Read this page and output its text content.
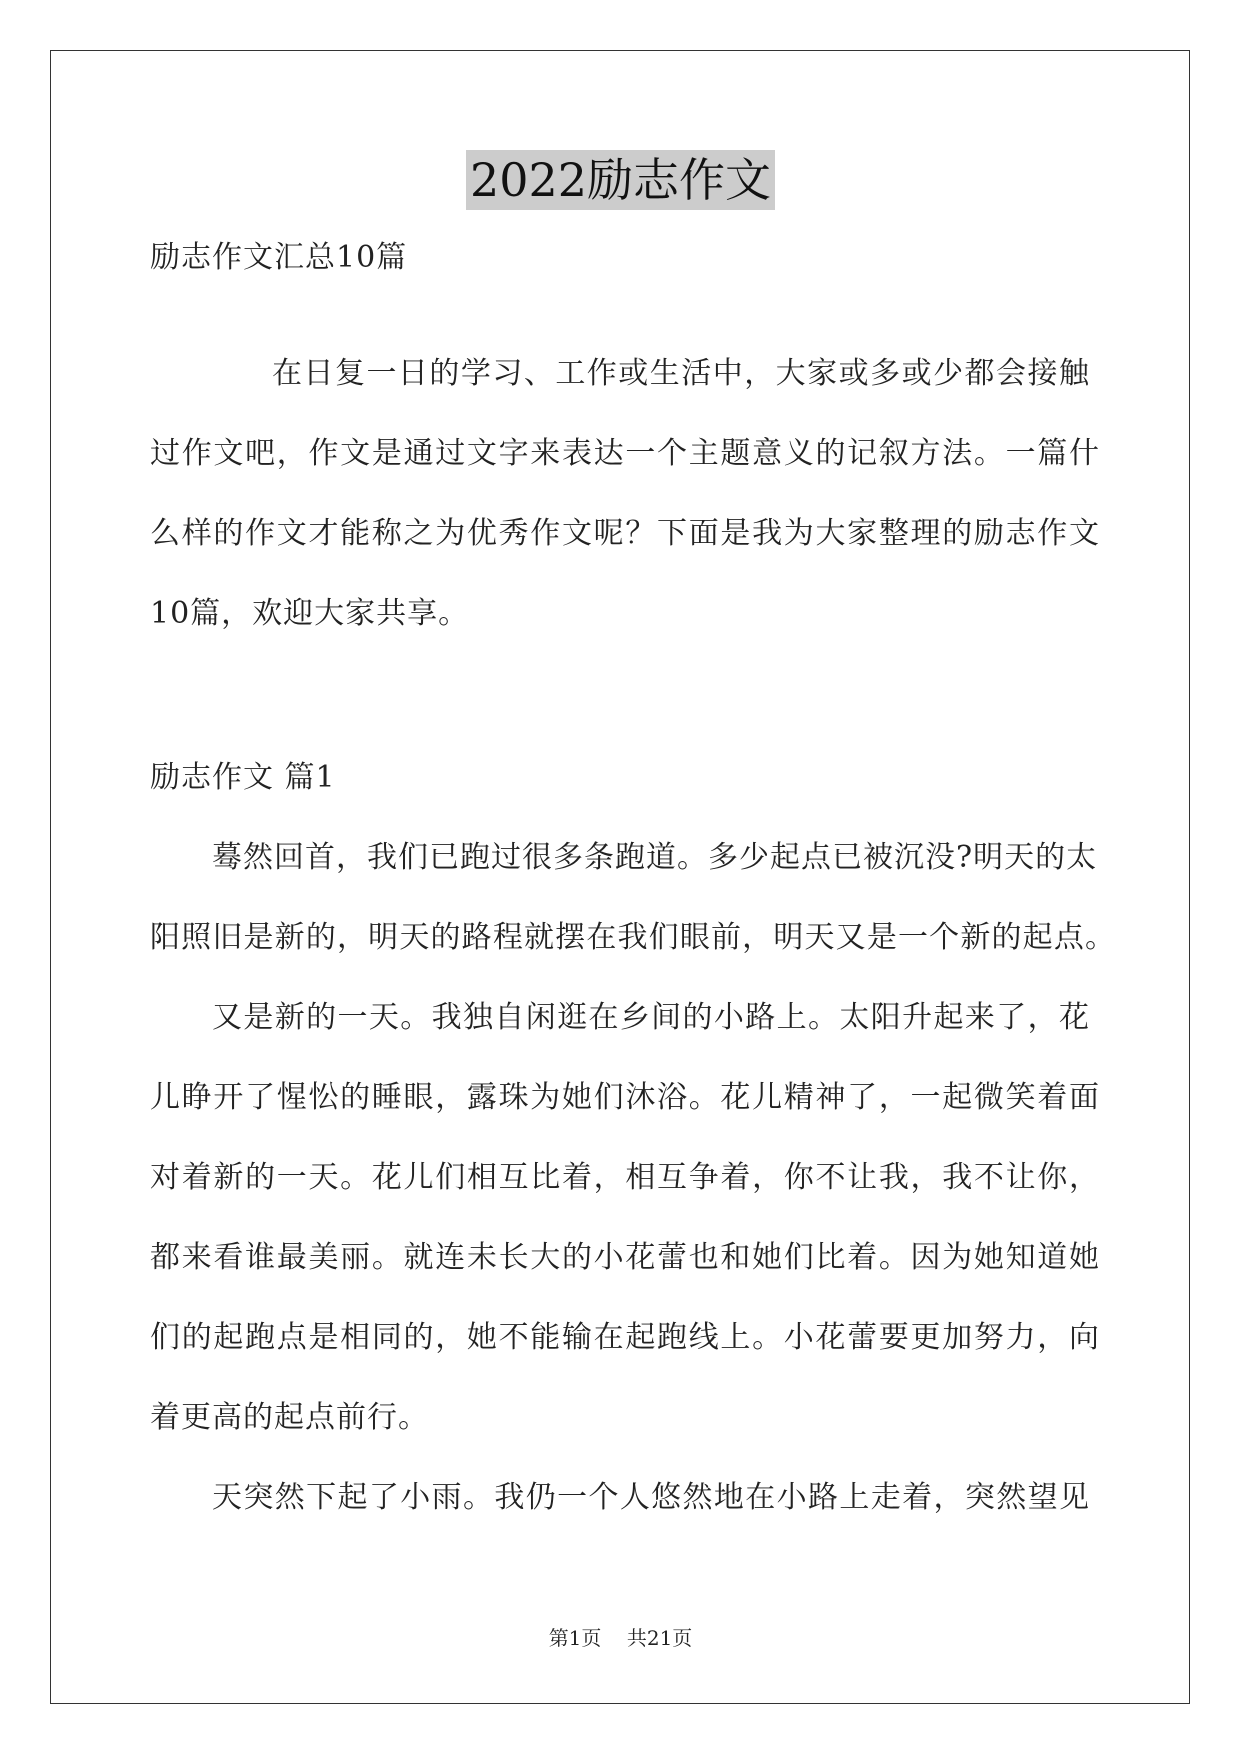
2022励志作文
励志作文汇总10篇
在日复一日的学习、工作或生活中，大家或多或少都会接触
过作文吧，作文是通过文字来表达一个主题意义的记叙方法。一篇什
么样的作文才能称之为优秀作文呢？下面是我为大家整理的励志作文
10篇，欢迎大家共享。
励志作文 篇1
蓦然回首，我们已跑过很多条跑道。多少起点已被沉没?明天的太
阳照旧是新的，明天的路程就摆在我们眼前，明天又是一个新的起点。
又是新的一天。我独自闲逛在乡间的小路上。太阳升起来了，花
儿睁开了惺忪的睡眼，露珠为她们沐浴。花儿精神了，一起微笑着面
对着新的一天。花儿们相互比着，相互争着，你不让我，我不让你，
都来看谁最美丽。就连未长大的小花蕾也和她们比着。因为她知道她
们的起跑点是相同的，她不能输在起跑线上。小花蕾要更加努力，向
着更高的起点前行。
天突然下起了小雨。我仍一个人悠然地在小路上走着，突然望见
第1页    共21页
